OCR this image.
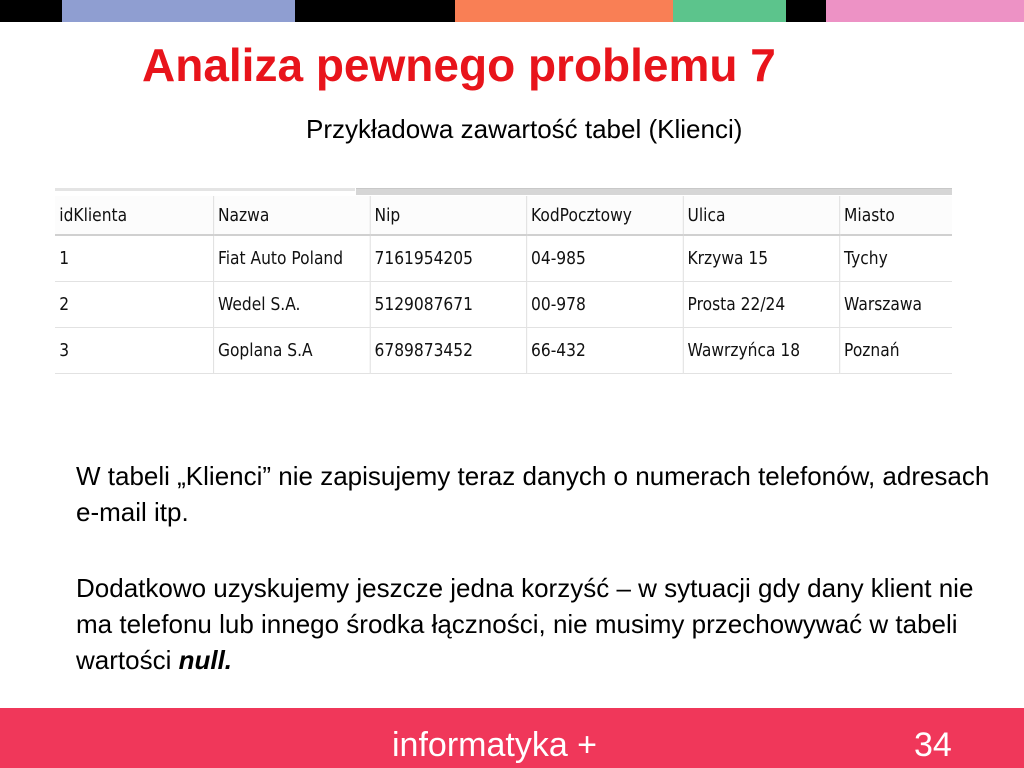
Analiza pewnego problemu 7
Przykładowa zawartość tabel (Klienci)
idKlienta	Nazwa	Nip	KodPocztowy	Ulica	Miasto
1	Fiat Auto Poland	7161954205	04-985	Krzywa 15	Tychy
2	Wedel S.A.	5129087671	00-978	Prosta 22/24	Warszawa
3	Goplana S.A	6789873452	66-432	Wawrzyńca 18	Poznań

W tabeli „Klienci” nie zapisujemy teraz danych o numerach telefonów, adresach e-mail itp.

Dodatkowo uzyskujemy jeszcze jedna korzyść – w sytuacji gdy dany klient nie ma telefonu lub innego środka łączności, nie musimy przechowywać w tabeli wartości null.

informatyka +	34
